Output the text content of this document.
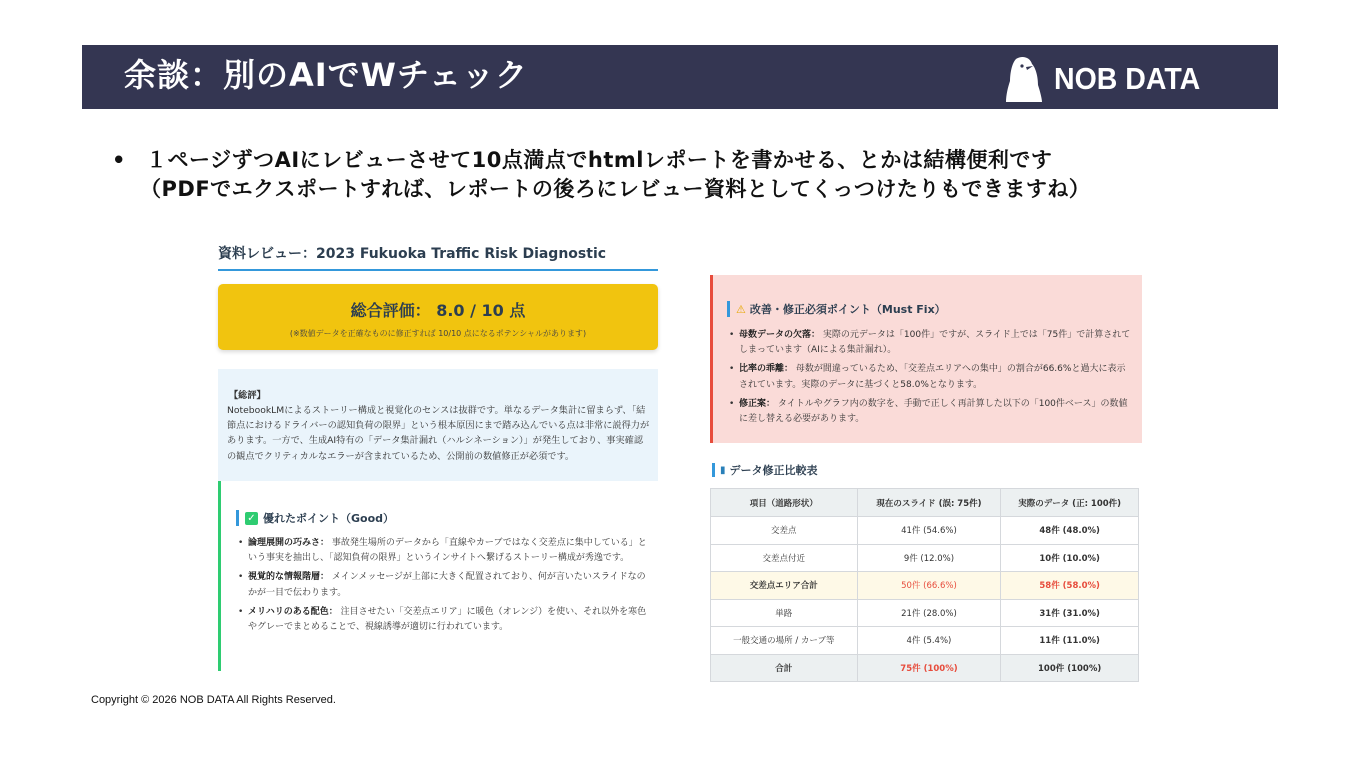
余談：別のAIでWチェック	NOB DATA
• １ページずつAIにレビューさせて10点満点でhtmlレポートを書かせる、とかは結構便利です
（PDFでエクスポートすれば、レポートの後ろにレビュー資料としてくっつけたりもできますね）
資料レビュー：2023 Fukuoka Traffic Risk Diagnostic
総合評価： 8.0 / 10 点
(※数値データを正確なものに修正すれば 10/10 点になるポテンシャルがあります)
【総評】
NotebookLMによるストーリー構成と視覚化のセンスは抜群です。単なるデータ集計に留まらず、「結節点におけるドライバーの認知負荷の限界」という根本原因にまで踏み込んでいる点は非常に説得力があります。一方で、生成AI特有の「データ集計漏れ（ハルシネーション）」が発生しており、事実確認の観点でクリティカルなエラーが含まれているため、公開前の数値修正が必須です。
✓ 優れたポイント（Good）
• 論理展開の巧みさ： 事故発生場所のデータから「直線やカーブではなく交差点に集中している」という事実を抽出し、「認知負荷の限界」というインサイトへ繋げるストーリー構成が秀逸です。
• 視覚的な情報階層： メインメッセージが上部に大きく配置されており、何が言いたいスライドなのかが一目で伝わります。
• メリハリのある配色： 注目させたい「交差点エリア」に暖色（オレンジ）を使い、それ以外を寒色やグレーでまとめることで、視線誘導が適切に行われています。
⚠ 改善・修正必須ポイント（Must Fix）
• 母数データの欠落： 実際の元データは「100件」ですが、スライド上では「75件」で計算されてしまっています（AIによる集計漏れ）。
• 比率の乖離： 母数が間違っているため、「交差点エリアへの集中」の割合が66.6%と過大に表示されています。実際のデータに基づくと58.0%となります。
• 修正案： タイトルやグラフ内の数字を、手動で正しく再計算した以下の「100件ベース」の数値に差し替える必要があります。
▮ データ修正比較表
項目（道路形状）	現在のスライド (誤: 75件)	実際のデータ (正: 100件)
交差点	41件 (54.6%)	48件 (48.0%)
交差点付近	9件 (12.0%)	10件 (10.0%)
交差点エリア合計	50件 (66.6%)	58件 (58.0%)
単路	21件 (28.0%)	31件 (31.0%)
一般交通の場所 / カーブ等	4件 (5.4%)	11件 (11.0%)
合計	75件 (100%)	100件 (100%)
Copyright © 2026 NOB DATA All Rights Reserved.
